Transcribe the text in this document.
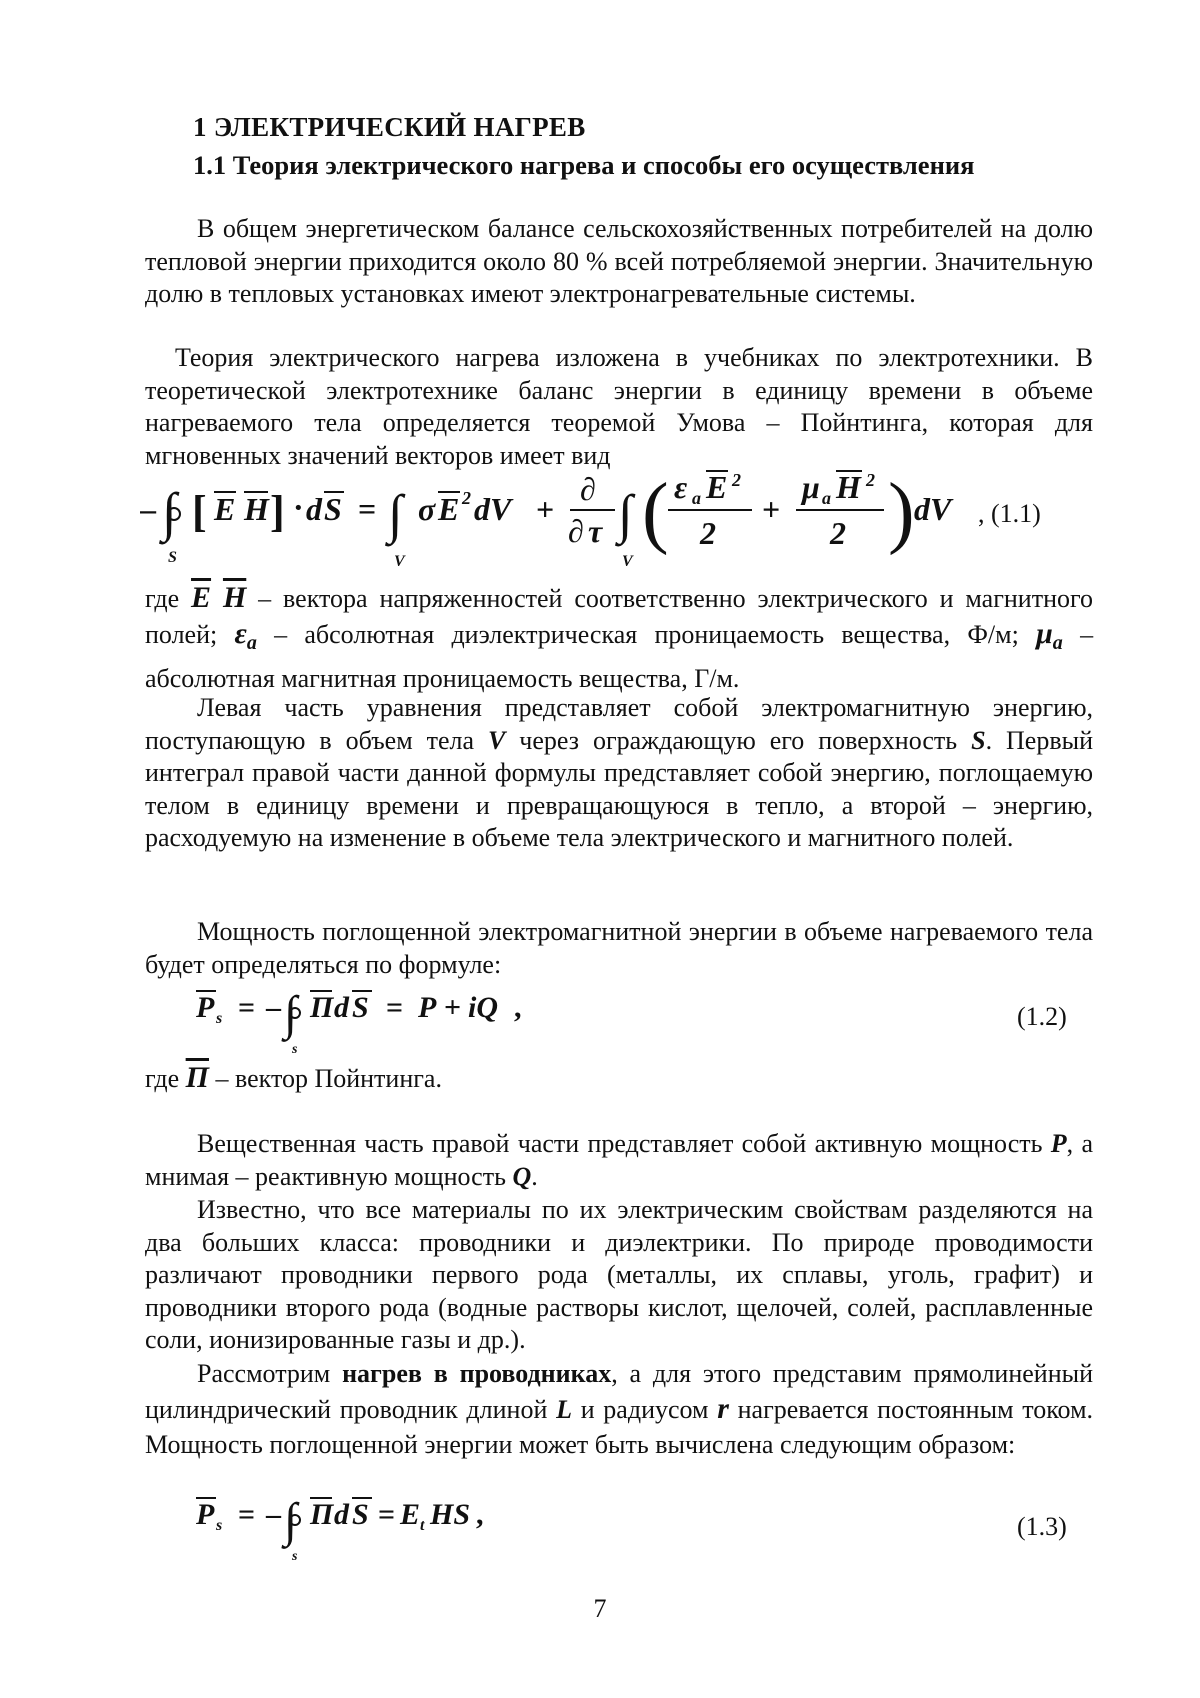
1 ЭЛЕКТРИЧЕСКИЙ НАГРЕВ
1.1 Теория электрического нагрева и способы его осуществления

В общем энергетическом балансе сельскохозяйственных потребителей на долю тепловой энергии приходится около 80 % всей потребляемой энергии. Значительную долю в тепловых установках имеют электронагревательные системы.

Теория электрического нагрева изложена в учебниках по электротехники. В теоретической электротехнике баланс энергии в единицу времени в объеме нагреваемого тела определяется теоремой Умова – Пойнтинга, которая для мгновенных значений векторов имеет вид

– ∫
S
[ E H ] · d S = ∫
V
σ E 2 dV +
∂
∂ τ ∫
V
( ε a E 2
2
+
μ a H 2
2 ) dV , (1.1)

где $\overline{E}$ $\overline{H}$ – вектора напряженностей соответственно электрического и магнитного полей; $\varepsilon_a$ – абсолютная диэлектрическая проницаемость вещества, Ф/м; $\mu_a$ – абсолютная магнитная проницаемость вещества, Г/м.

Левая часть уравнения представляет собой электромагнитную энергию, поступающую в объем тела V через ограждающую его поверхность S. Первый интеграл правой части данной формулы представляет собой энергию, поглощаемую телом в единицу времени и превращающуюся в тепло, а второй – энергию, расходуемую на изменение в объеме тела электрического и магнитного полей.

Мощность поглощенной электромагнитной энергии в объеме нагреваемого тела будет определяться по формуле:

P s = – ∫
s
П d S = P + iQ ,	(1.2)

где П – вектор Пойнтинга.

Вещественная часть правой части представляет собой активную мощность P, а мнимая – реактивную мощность Q.

Известно, что все материалы по их электрическим свойствам разделяются на два больших класса: проводники и диэлектрики. По природе проводимости различают проводники первого рода (металлы, их сплавы, уголь, графит) и проводники второго рода (водные растворы кислот, щелочей, солей, расплавленные соли, ионизированные газы и др.).

Рассмотрим нагрев в проводниках, а для этого представим прямолинейный цилиндрический проводник длиной L и радиусом r нагревается постоянным током. Мощность поглощенной энергии может быть вычислена следующим образом:

P s = – ∫
s
П d S = E t HS ,	(1.3)
7
